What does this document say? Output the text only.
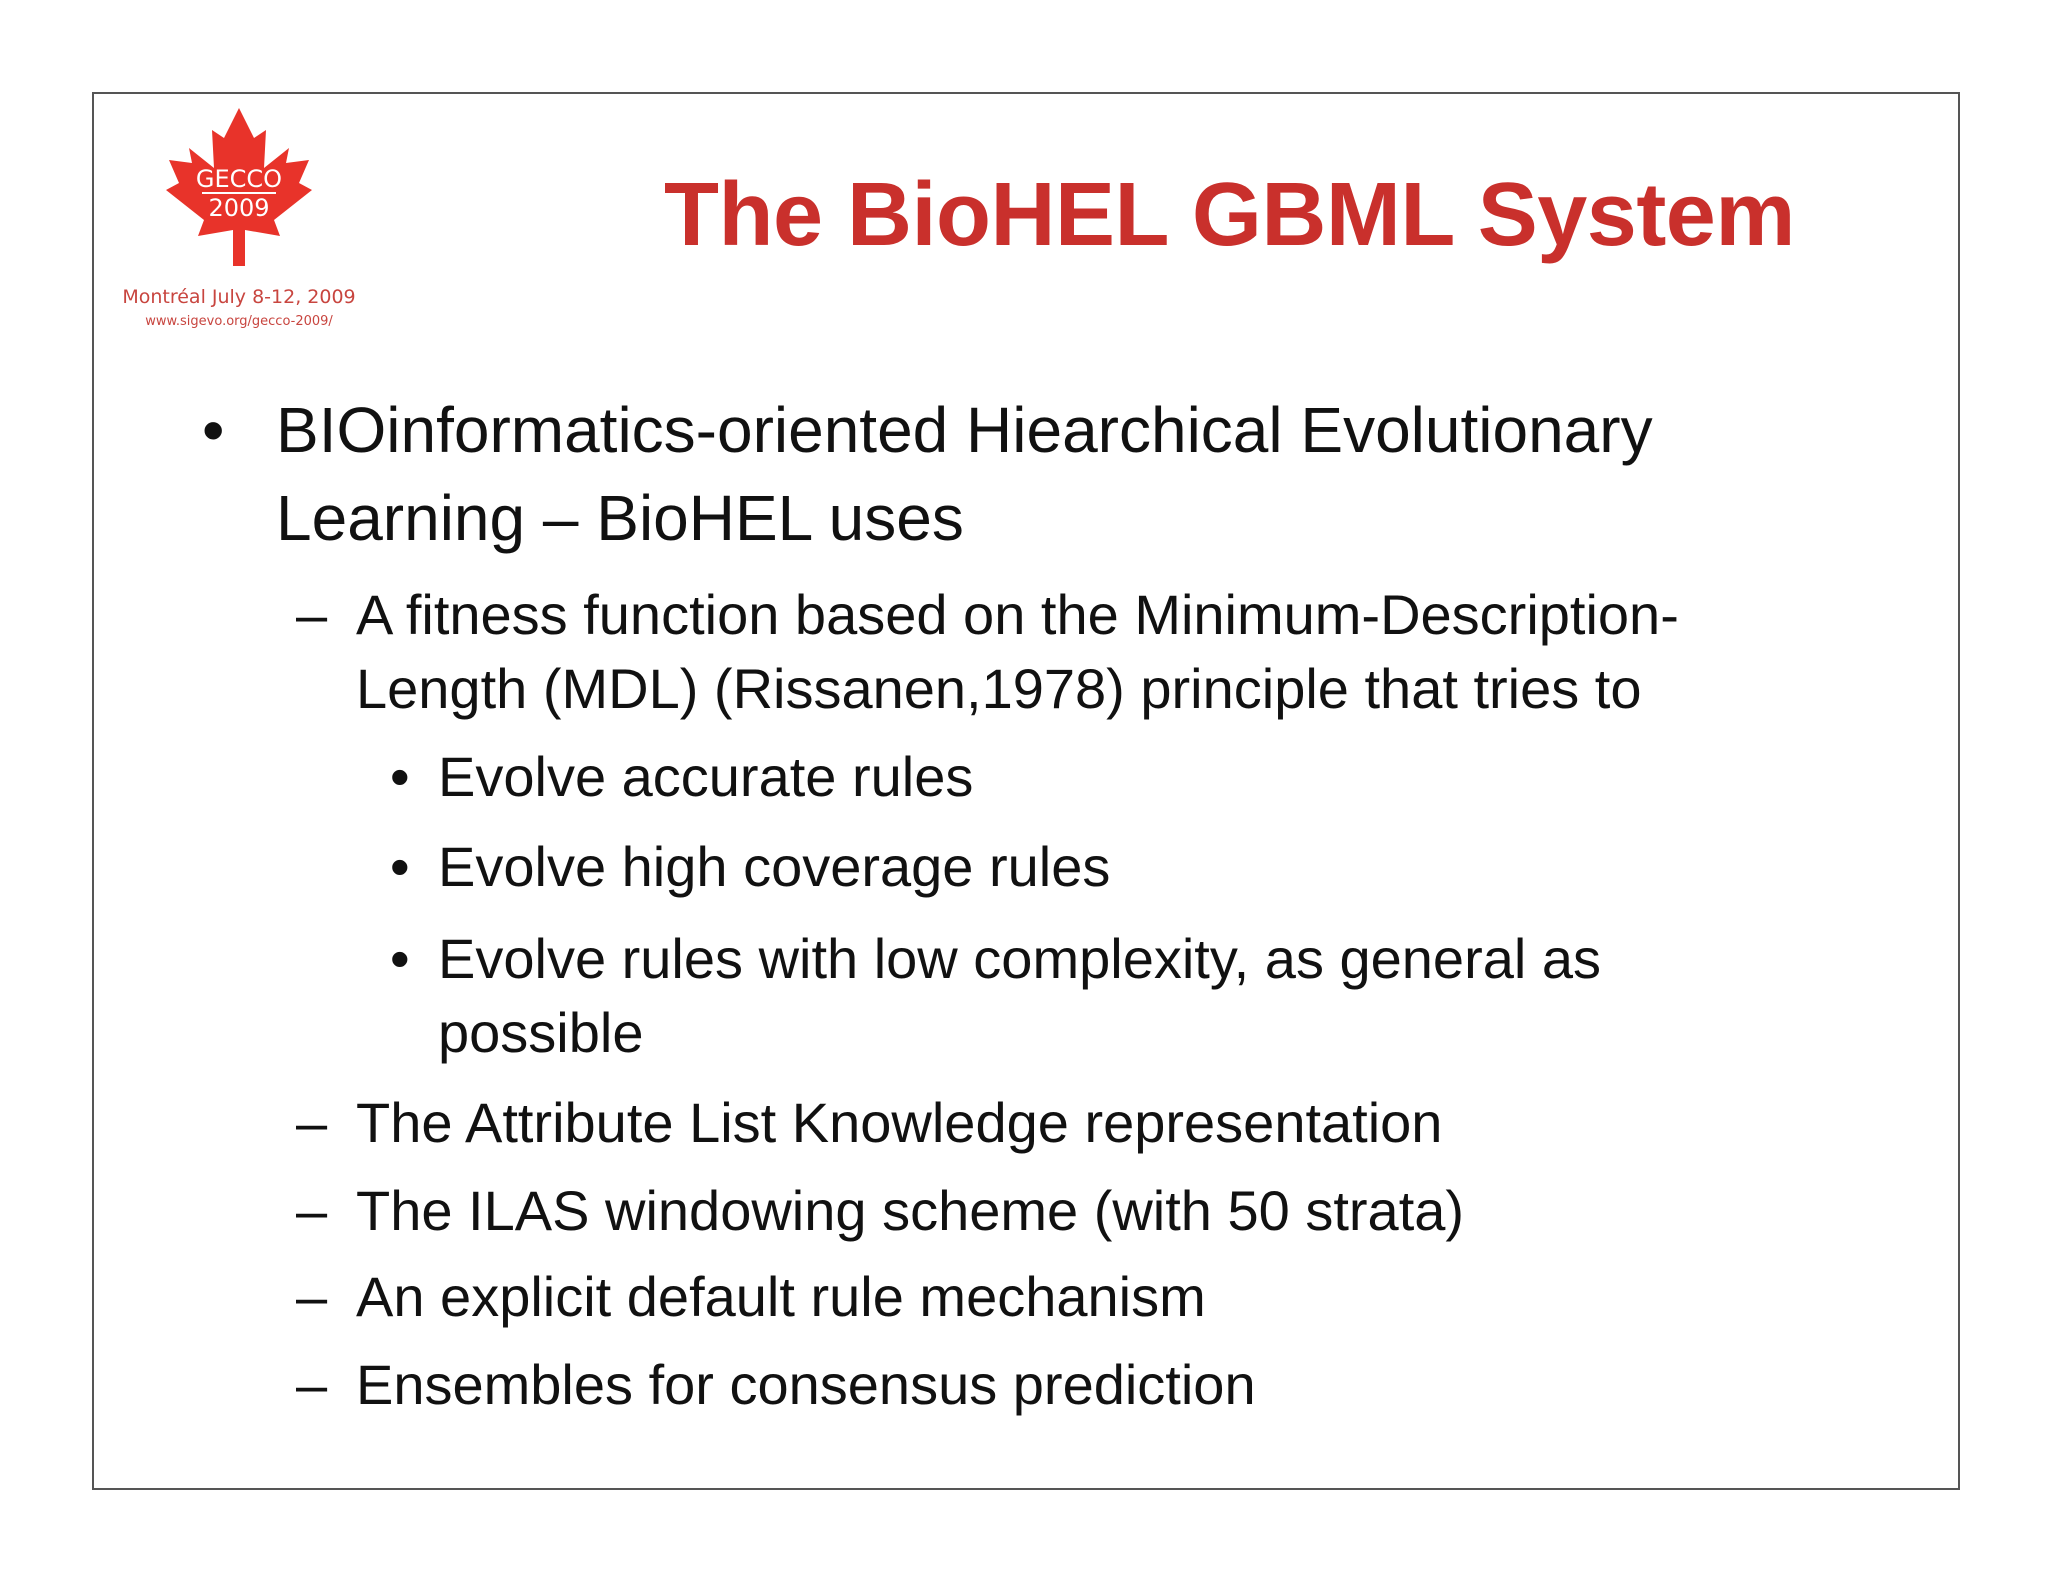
GECCO
2009
Montréal July 8-12, 2009
www.sigevo.org/gecco-2009/
The BioHEL GBML System
• BIOinformatics-oriented Hiearchical Evolutionary
Learning – BioHEL uses
– A fitness function based on the Minimum-Description-
Length (MDL) (Rissanen,1978) principle that tries to
• Evolve accurate rules
• Evolve high coverage rules
• Evolve rules with low complexity, as general as
possible
– The Attribute List Knowledge representation
– The ILAS windowing scheme (with 50 strata)
– An explicit default rule mechanism
– Ensembles for consensus prediction
